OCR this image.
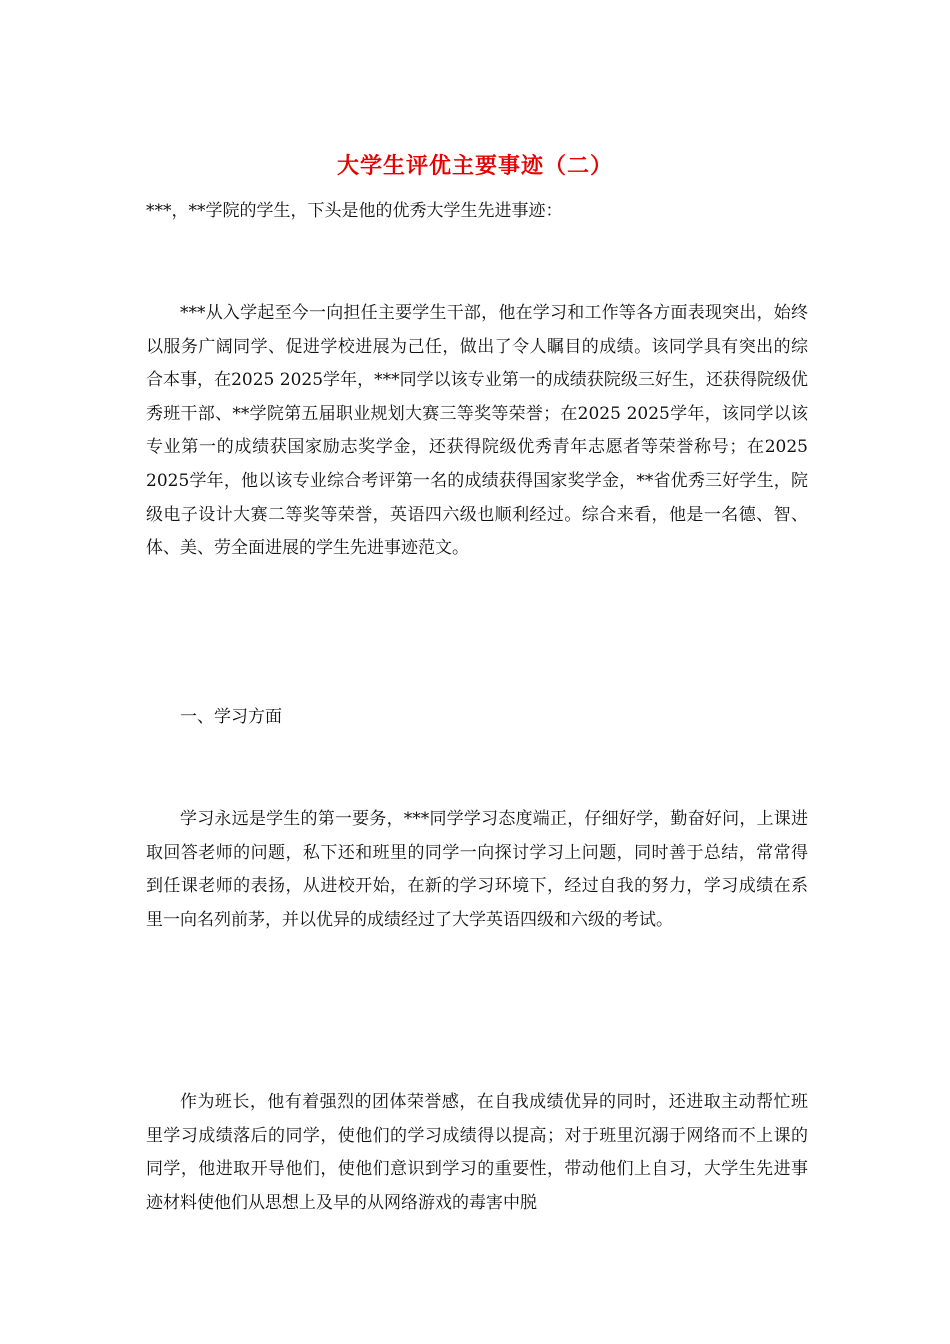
大学生评优主要事迹（二）
***，**学院的学生，下头是他的优秀大学生先进事迹：
***从入学起至今一向担任主要学生干部，他在学习和工作等各方面表现突出，始终以服务广阔同学、促进学校进展为己任，做出了令人瞩目的成绩。该同学具有突出的综合本事，在2025 2025学年，***同学以该专业第一的成绩获院级三好生，还获得院级优秀班干部、**学院第五届职业规划大赛三等奖等荣誉；在2025 2025学年，该同学以该专业第一的成绩获国家励志奖学金，还获得院级优秀青年志愿者等荣誉称号；在2025 2025学年，他以该专业综合考评第一名的成绩获得国家奖学金，**省优秀三好学生，院级电子设计大赛二等奖等荣誉，英语四六级也顺利经过。综合来看，他是一名德、智、体、美、劳全面进展的学生先进事迹范文。
一、学习方面
学习永远是学生的第一要务，***同学学习态度端正，仔细好学，勤奋好问，上课进取回答老师的问题，私下还和班里的同学一向探讨学习上问题，同时善于总结，常常得到任课老师的表扬，从进校开始，在新的学习环境下，经过自我的努力，学习成绩在系里一向名列前茅，并以优异的成绩经过了大学英语四级和六级的考试。
作为班长，他有着强烈的团体荣誉感，在自我成绩优异的同时，还进取主动帮忙班里学习成绩落后的同学，使他们的学习成绩得以提高；对于班里沉溺于网络而不上课的同学，他进取开导他们，使他们意识到学习的重要性，带动他们上自习，大学生先进事迹材料使他们从思想上及早的从网络游戏的毒害中脱
